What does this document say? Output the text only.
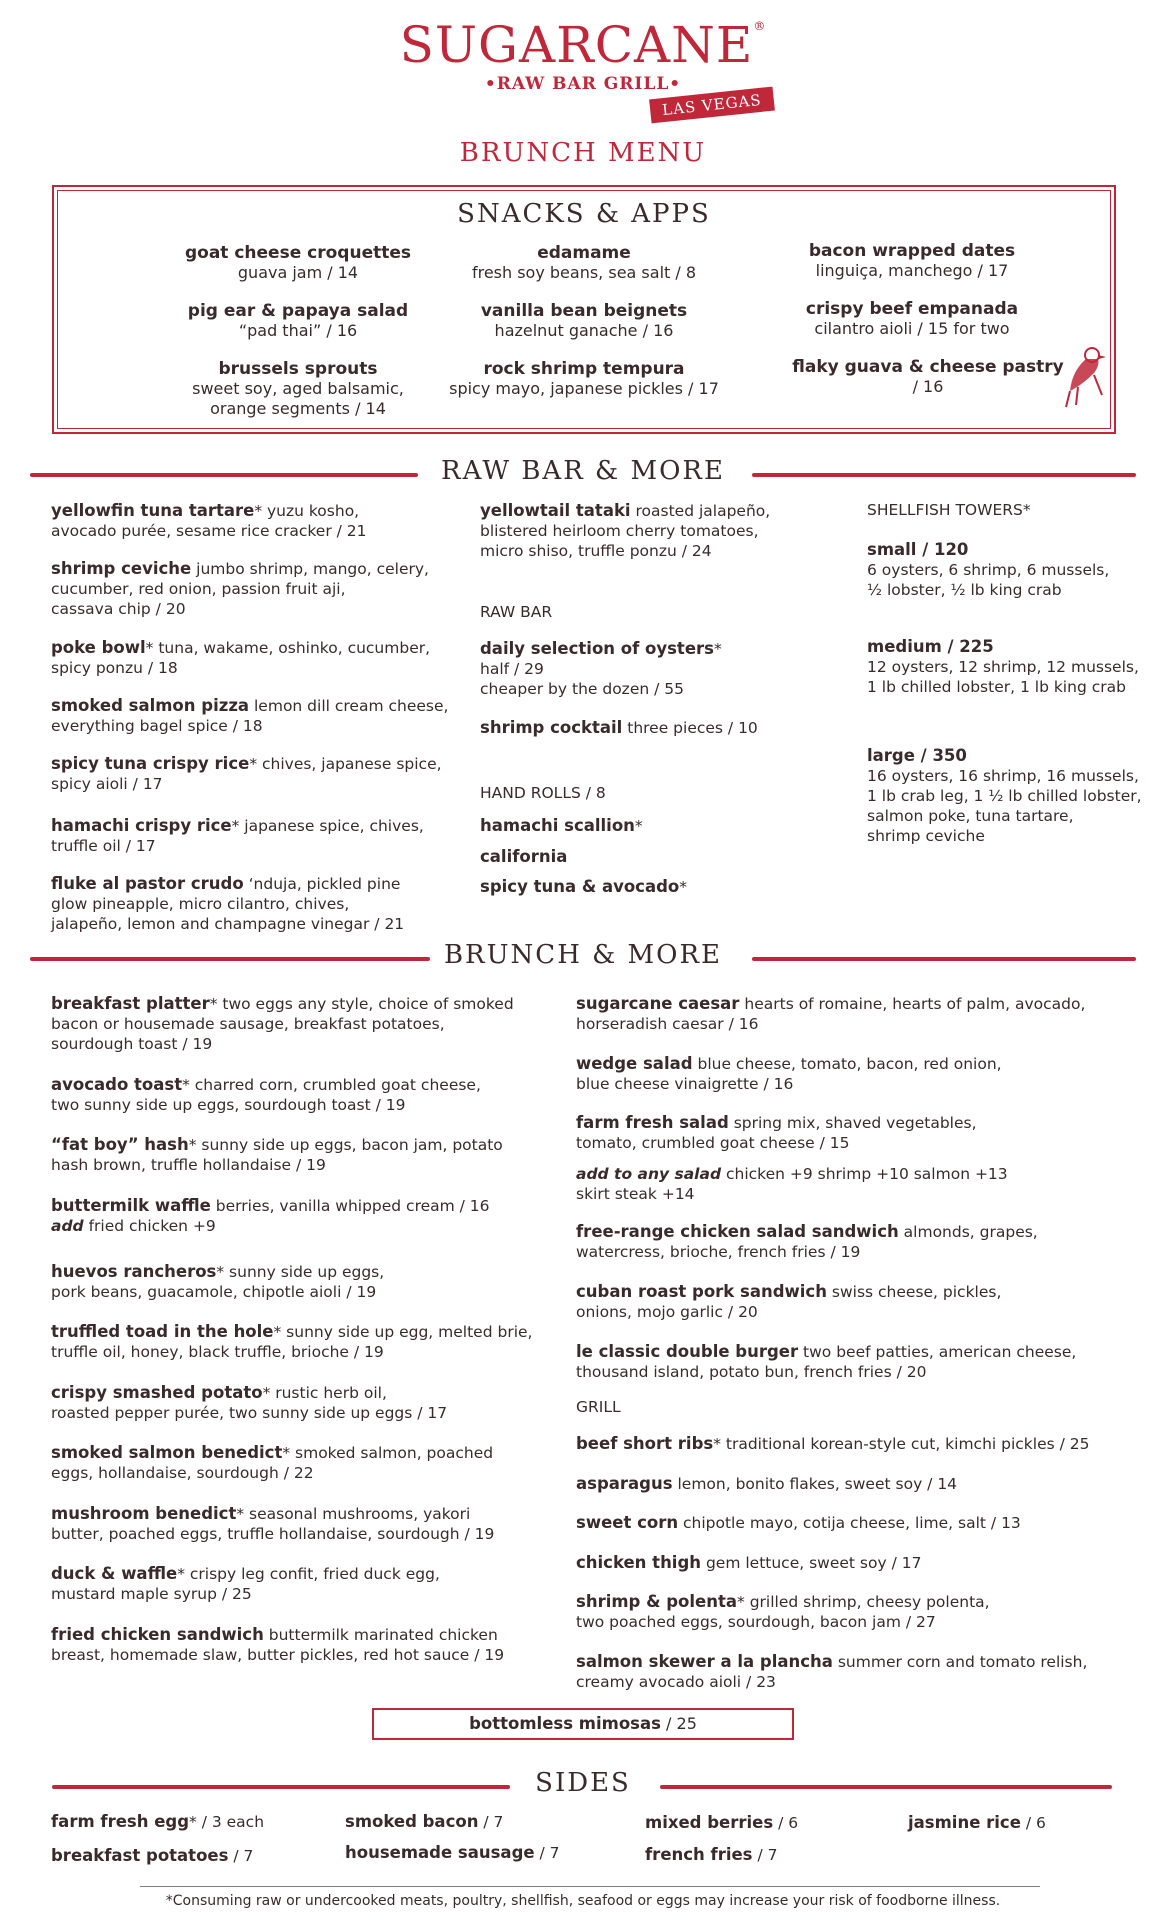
SUGARCANE®
•RAW BAR GRILL•
LAS VEGAS
BRUNCH MENU
SNACKS & APPS
goat cheese croquettes
guava jam / 14
edamame
fresh soy beans, sea salt / 8
bacon wrapped dates
linguiça, manchego / 17
pig ear & papaya salad
“pad thai” / 16
vanilla bean beignets
hazelnut ganache / 16
crispy beef empanada
cilantro aioli / 15 for two
brussels sprouts
sweet soy, aged balsamic,
orange segments / 14
rock shrimp tempura
spicy mayo, japanese pickles / 17
flaky guava & cheese pastry
/ 16
RAW BAR & MORE
yellowfin tuna tartare* yuzu kosho,
avocado purée, sesame rice cracker / 21
shrimp ceviche jumbo shrimp, mango, celery,
cucumber, red onion, passion fruit aji,
cassava chip / 20
poke bowl* tuna, wakame, oshinko, cucumber,
spicy ponzu / 18
smoked salmon pizza lemon dill cream cheese,
everything bagel spice / 18
spicy tuna crispy rice* chives, japanese spice,
spicy aioli / 17
hamachi crispy rice* japanese spice, chives,
truffle oil / 17
fluke al pastor crudo ‘nduja, pickled pine
glow pineapple, micro cilantro, chives,
jalapeño, lemon and champagne vinegar / 21
yellowtail tataki roasted jalapeño,
blistered heirloom cherry tomatoes,
micro shiso, truffle ponzu / 24
RAW BAR
daily selection of oysters*
half / 29
cheaper by the dozen / 55
shrimp cocktail three pieces / 10
HAND ROLLS / 8
hamachi scallion*
california
spicy tuna & avocado*
SHELLFISH TOWERS*
small / 120
6 oysters, 6 shrimp, 6 mussels,
½ lobster, ½ lb king crab
medium / 225
12 oysters, 12 shrimp, 12 mussels,
1 lb chilled lobster, 1 lb king crab
large / 350
16 oysters, 16 shrimp, 16 mussels,
1 lb crab leg, 1 ½ lb chilled lobster,
salmon poke, tuna tartare,
shrimp ceviche
BRUNCH & MORE
breakfast platter* two eggs any style, choice of smoked
bacon or housemade sausage, breakfast potatoes,
sourdough toast / 19
avocado toast* charred corn, crumbled goat cheese,
two sunny side up eggs, sourdough toast / 19
“fat boy” hash* sunny side up eggs, bacon jam, potato
hash brown, truffle hollandaise / 19
buttermilk waffle berries, vanilla whipped cream / 16
add fried chicken +9
huevos rancheros* sunny side up eggs,
pork beans, guacamole, chipotle aioli / 19
truffled toad in the hole* sunny side up egg, melted brie,
truffle oil, honey, black truffle, brioche / 19
crispy smashed potato* rustic herb oil,
roasted pepper purée, two sunny side up eggs / 17
smoked salmon benedict* smoked salmon, poached
eggs, hollandaise, sourdough / 22
mushroom benedict* seasonal mushrooms, yakori
butter, poached eggs, truffle hollandaise, sourdough / 19
duck & waffle* crispy leg confit, fried duck egg,
mustard maple syrup / 25
fried chicken sandwich buttermilk marinated chicken
breast, homemade slaw, butter pickles, red hot sauce / 19
sugarcane caesar hearts of romaine, hearts of palm, avocado,
horseradish caesar / 16
wedge salad blue cheese, tomato, bacon, red onion,
blue cheese vinaigrette / 16
farm fresh salad spring mix, shaved vegetables,
tomato, crumbled goat cheese / 15
add to any salad chicken +9 shrimp +10 salmon +13
skirt steak +14
free-range chicken salad sandwich almonds, grapes,
watercress, brioche, french fries / 19
cuban roast pork sandwich swiss cheese, pickles,
onions, mojo garlic / 20
le classic double burger two beef patties, american cheese,
thousand island, potato bun, french fries / 20
GRILL
beef short ribs* traditional korean-style cut, kimchi pickles / 25
asparagus lemon, bonito flakes, sweet soy / 14
sweet corn chipotle mayo, cotija cheese, lime, salt / 13
chicken thigh gem lettuce, sweet soy / 17
shrimp & polenta* grilled shrimp, cheesy polenta,
two poached eggs, sourdough, bacon jam / 27
salmon skewer a la plancha summer corn and tomato relish,
creamy avocado aioli / 23
bottomless mimosas / 25
SIDES
farm fresh egg* / 3 each
breakfast potatoes / 7
smoked bacon / 7
housemade sausage / 7
mixed berries / 6
french fries / 7
jasmine rice / 6
*Consuming raw or undercooked meats, poultry, shellfish, seafood or eggs may increase your risk of foodborne illness.
